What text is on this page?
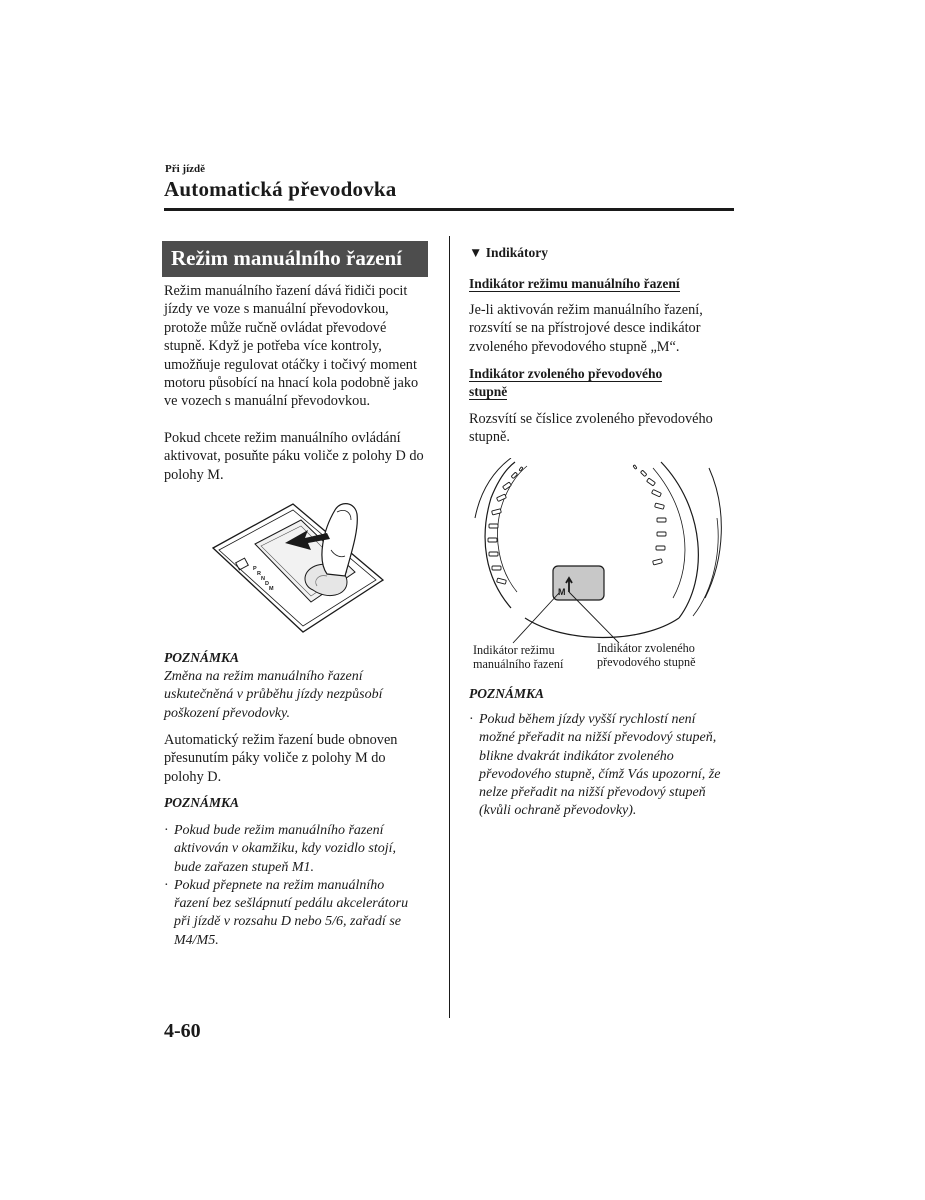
Při jízdě
Automatická převodovka
Režim manuálního řazení
Režim manuálního řazení dává řidiči pocit jízdy ve voze s manuální převodovkou, protože může ručně ovládat převodové stupně. Když je potřeba více kontroly, umožňuje regulovat otáčky i točivý moment motoru působící na hnací kola podobně jako ve vozech s manuální převodovkou.
Pokud chcete režim manuálního ovládání aktivovat, posuňte páku voliče z polohy D do polohy M.
P
R
N
D
M
POZNÁMKA
Změna na režim manuálního řazení uskutečněná v průběhu jízdy nezpůsobí poškození převodovky.
Automatický režim řazení bude obnoven přesunutím páky voliče z polohy M do polohy D.
POZNÁMKA
· Pokud bude režim manuálního řazení aktivován v okamžiku, kdy vozidlo stojí, bude zařazen stupeň M1.
· Pokud přepnete na režim manuálního řazení bez sešlápnutí pedálu akcelerátoru při jízdě v rozsahu D nebo 5/6, zařadí se M4/M5.
▼ Indikátory
Indikátor režimu manuálního řazení
Je-li aktivován režim manuálního řazení, rozsvítí se na přístrojové desce indikátor zvoleného převodového stupně „M“.
Indikátor zvoleného převodového
stupně
Rozsvítí se číslice zvoleného převodového stupně.
M
Indikátor režimu
manuálního řazení
Indikátor zvoleného
převodového stupně
POZNÁMKA
· Pokud během jízdy vyšší rychlostí není možné přeřadit na nižší převodový stupeň, blikne dvakrát indikátor zvoleného převodového stupně, čímž Vás upozorní, že nelze přeřadit na nižší převodový stupeň (kvůli ochraně převodovky).
4-60
